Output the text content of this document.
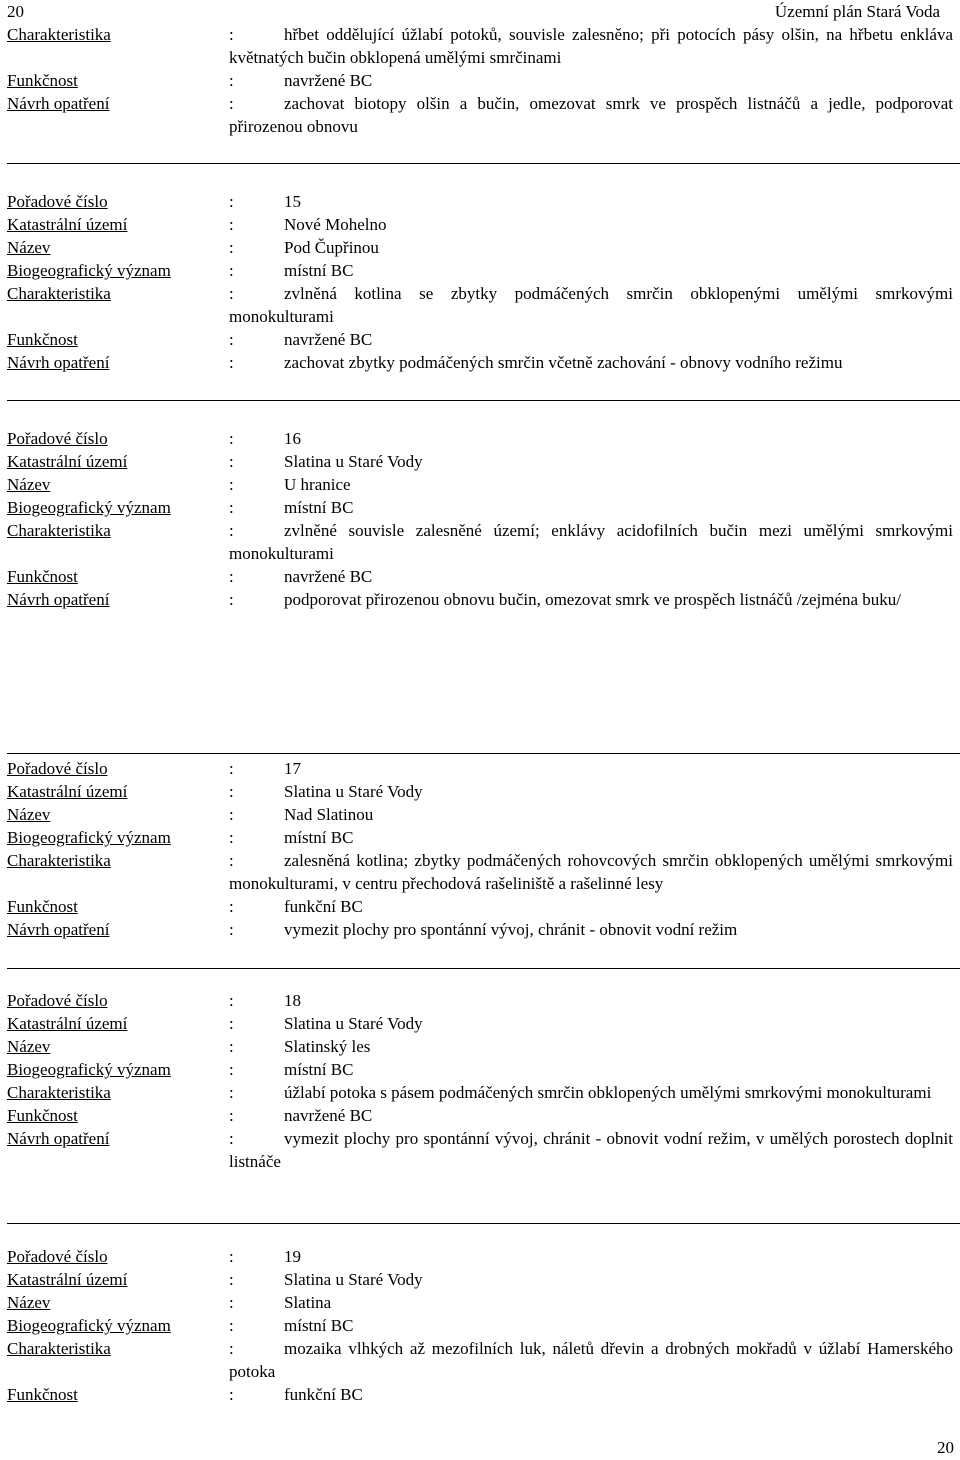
20	Územní plán Stará Voda
Charakteristika	:	hřbet oddělující úžlabí potoků, souvisle zalesněno; při potocích pásy olšin, na hřbetu enkláva květnatých bučin obklopená umělými smrčinami
Funkčnost	:	navržené BC
Návrh opatření	:	zachovat biotopy olšin a bučin, omezovat smrk ve prospěch listnáčů a jedle, podporovat přirozenou obnovu
Pořadové číslo	:	15
Katastrální území	:	Nové Mohelno
Název	:	Pod Čupřinou
Biogeografický význam	:	místní BC
Charakteristika	:	zvlněná kotlina se zbytky podmáčených smrčin obklopenými umělými smrkovými monokulturami
Funkčnost	:	navržené BC
Návrh opatření	:	zachovat zbytky podmáčených smrčin včetně zachování - obnovy vodního režimu
Pořadové číslo	:	16
Katastrální území	:	Slatina u Staré Vody
Název	:	U hranice
Biogeografický význam	:	místní BC
Charakteristika	:	zvlněné souvisle zalesněné území; enklávy acidofilních bučin mezi umělými smrkovými monokulturami
Funkčnost	:	navržené BC
Návrh opatření	:	podporovat přirozenou obnovu bučin, omezovat smrk ve prospěch listnáčů /zejména buku/
Pořadové číslo	:	17
Katastrální území	:	Slatina u Staré Vody
Název	:	Nad Slatinou
Biogeografický význam	:	místní BC
Charakteristika	:	zalesněná kotlina; zbytky podmáčených rohovcových smrčin obklopených umělými smrkovými monokulturami, v centru přechodová rašeliniště a rašelinné lesy
Funkčnost	:	funkční BC
Návrh opatření	:	vymezit plochy pro spontánní vývoj, chránit - obnovit vodní režim
Pořadové číslo	:	18
Katastrální území	:	Slatina u Staré Vody
Název	:	Slatinský les
Biogeografický význam	:	místní BC
Charakteristika	:	úžlabí potoka s pásem podmáčených smrčin obklopených umělými smrkovými monokulturami
Funkčnost	:	navržené BC
Návrh opatření	:	vymezit plochy pro spontánní vývoj, chránit - obnovit vodní režim, v umělých porostech doplnit listnáče
Pořadové číslo	:	19
Katastrální území	:	Slatina u Staré Vody
Název	:	Slatina
Biogeografický význam	:	místní BC
Charakteristika	:	mozaika vlhkých až mezofilních luk, náletů dřevin a drobných mokřadů v úžlabí Hamerského potoka
Funkčnost	:	funkční BC
20
